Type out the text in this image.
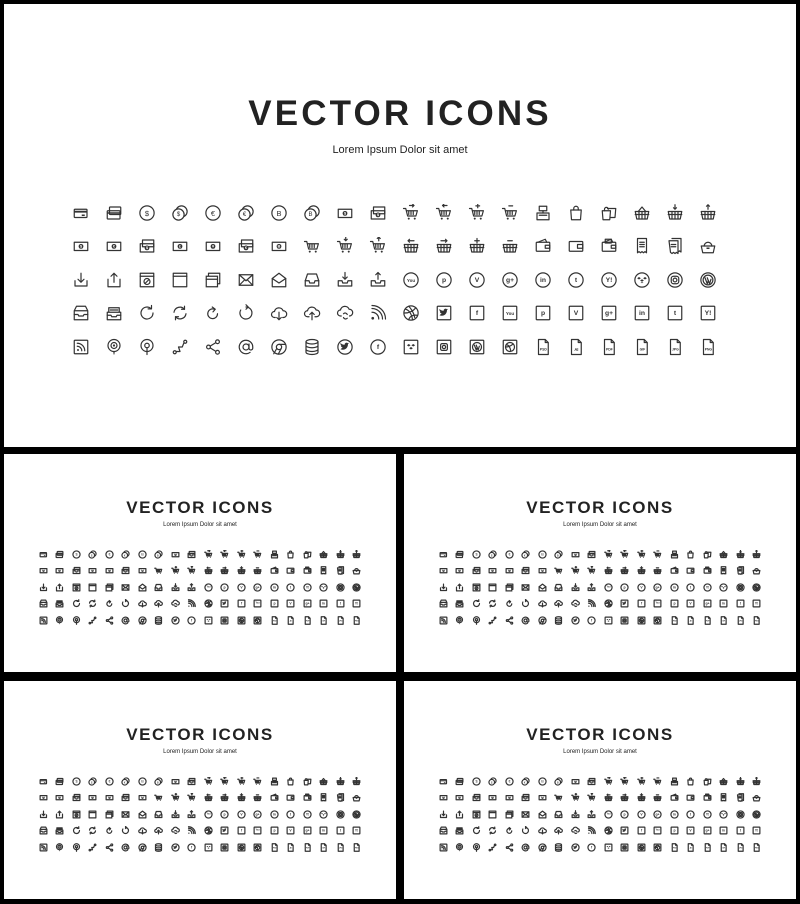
VECTOR ICONS
Lorem Ipsum Dolor sit amet
$	$	€	€	B	B	$	$
$	€	$	£	¥	€	B
You	p	V	g+	in	t	Y!
f	You	p	V	g+	in	t	Y!
f	PSD	AI	PDF	GIF	JPG	PNG
VECTOR ICONS
Lorem Ipsum Dolor sit amet
$ $ € € B B	$	$
$	€	$	£	¥	€	B
You p V g+ in t Y!
f You p V g+ in t Y!
f	PSD AI	PDF	GIF	JPG	PNG
VECTOR ICONS
Lorem Ipsum Dolor sit amet
$ $ € € B B	$	$
$	€	$	£	¥	€	B
You p V g+ in t Y!
f You p V g+ in t Y!
f	PSD AI	PDF	GIF	JPG	PNG
VECTOR ICONS
Lorem Ipsum Dolor sit amet
$ $ € € B B	$	$
$	€	$	£	¥	€	B
You p V g+ in t Y!
f You p V g+ in t Y!
f	PSD AI	PDF	GIF	JPG	PNG
VECTOR ICONS
Lorem Ipsum Dolor sit amet
$ $ € € B B	$	$
$	€	$	£	¥	€	B
You p V g+ in t Y!
f You p V g+ in t Y!
f	PSD AI	PDF	GIF	JPG	PNG
